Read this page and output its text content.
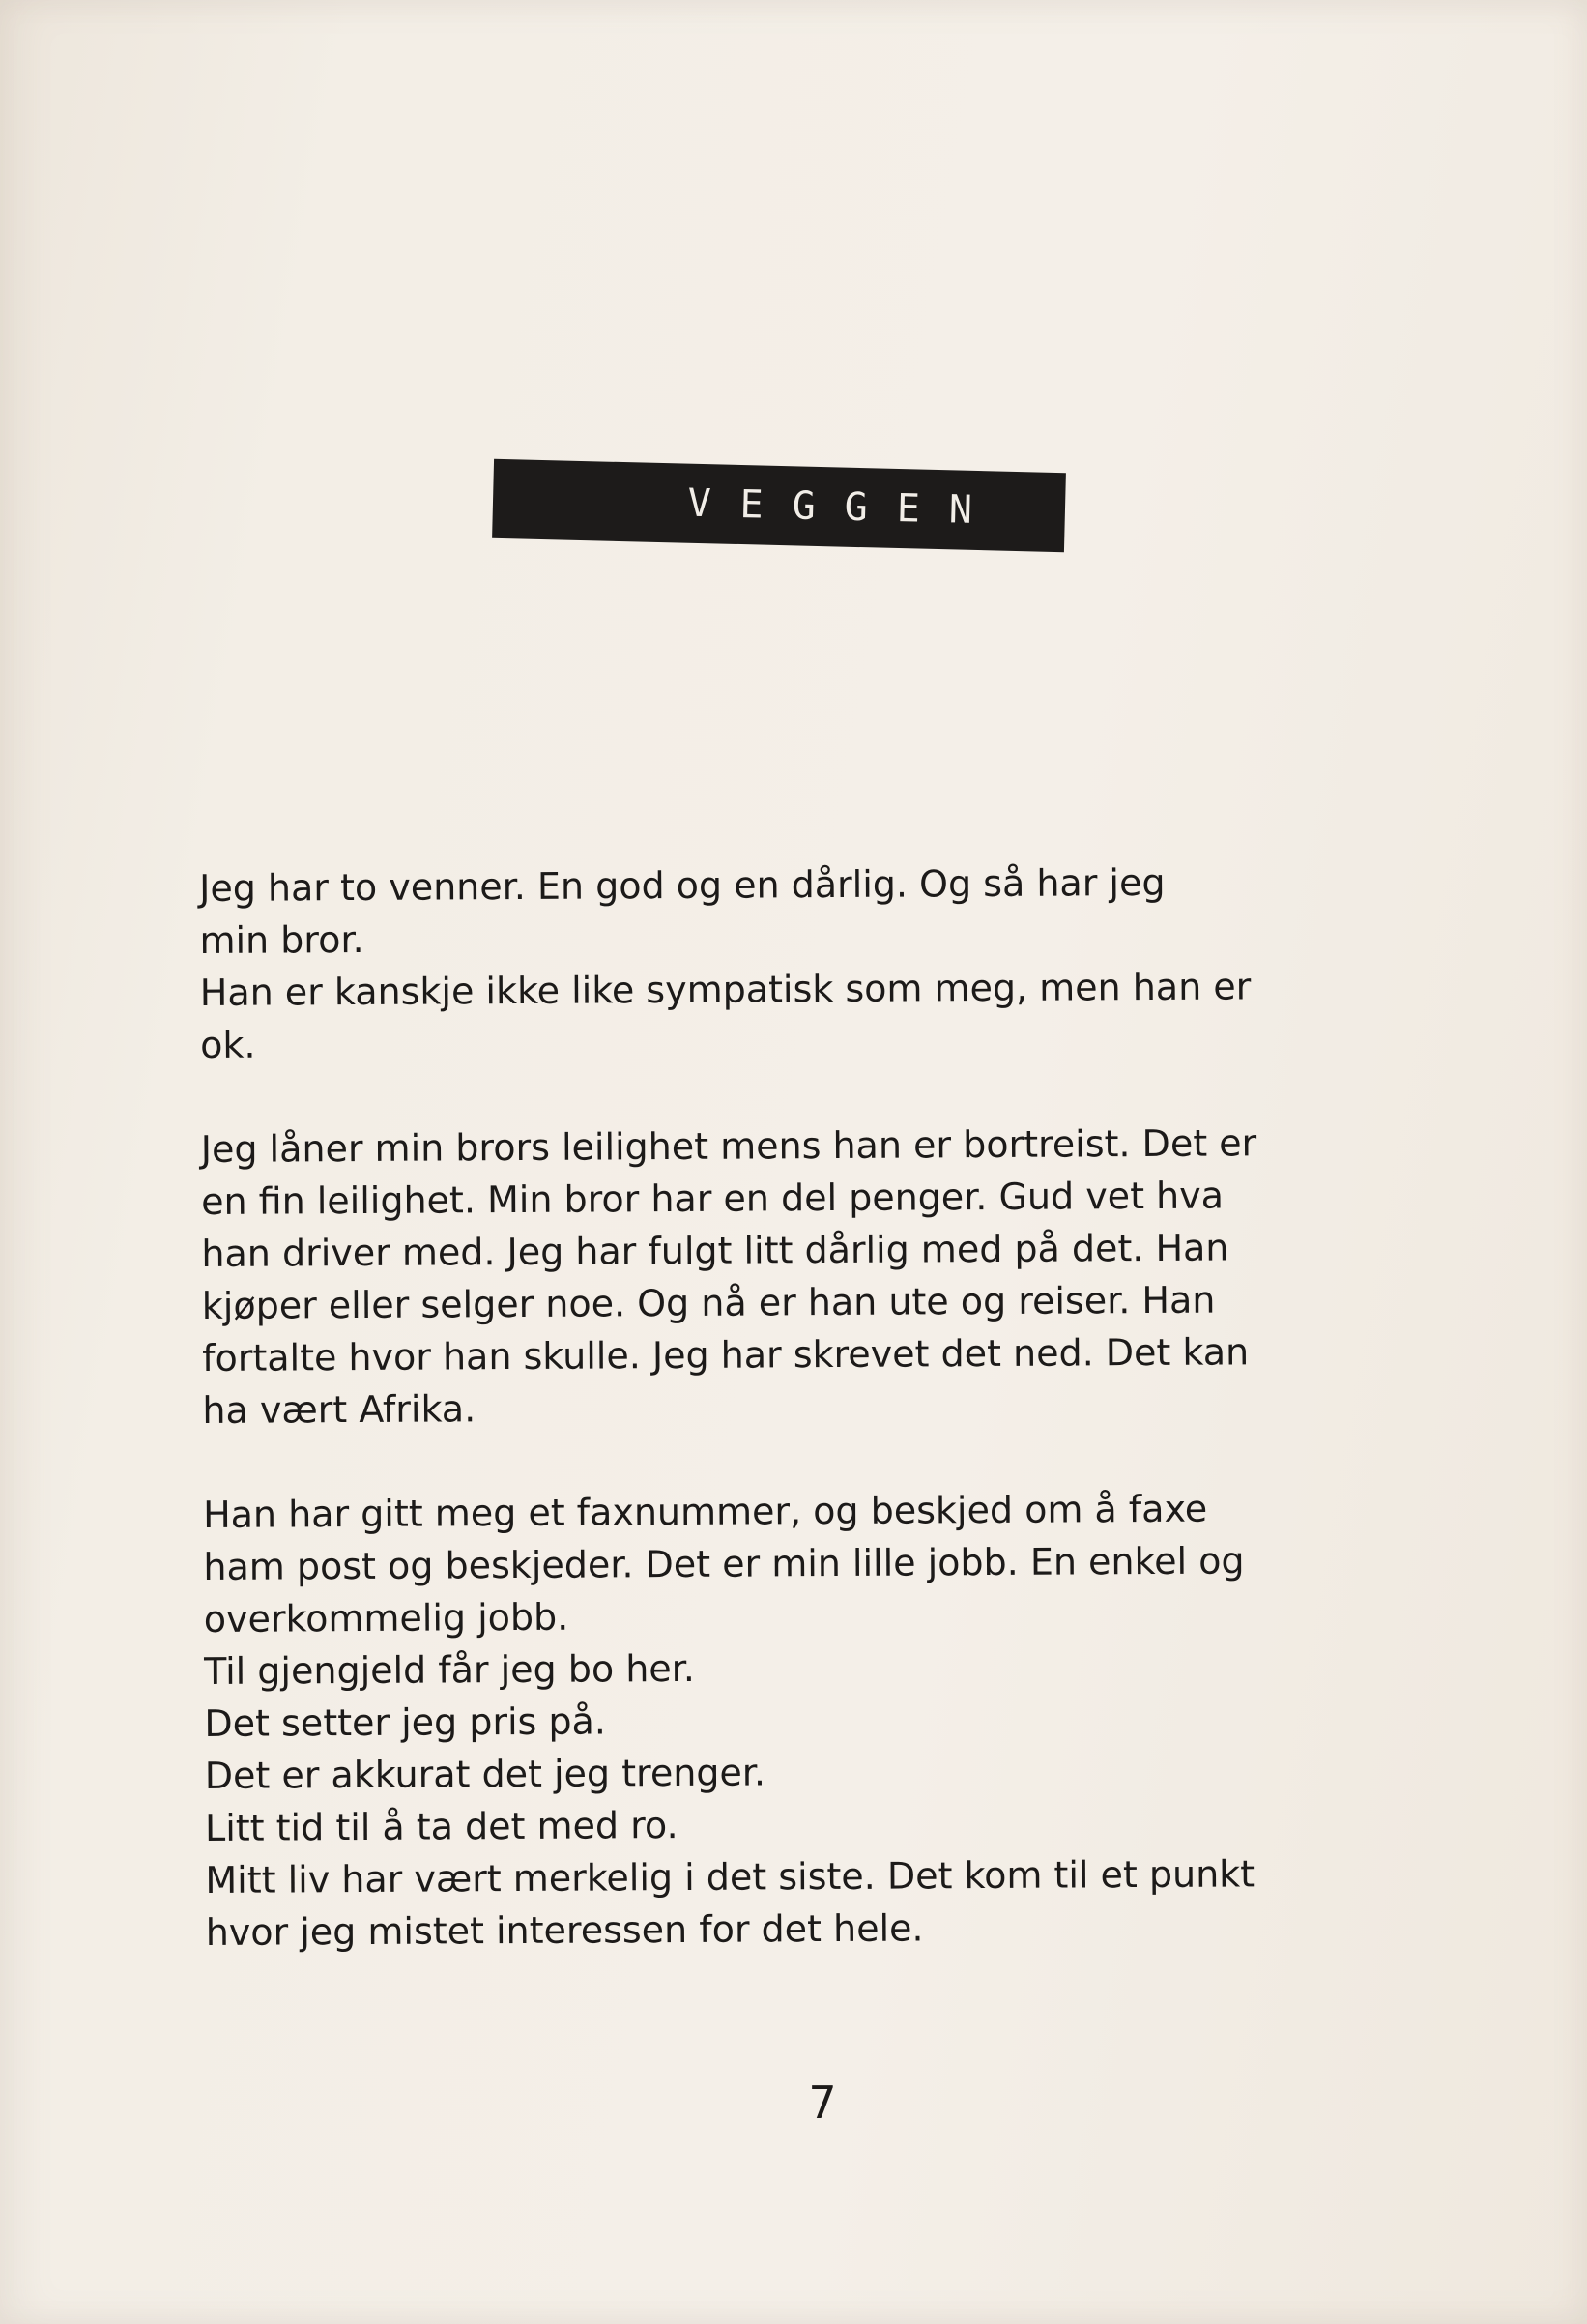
VEGGEN

Jeg har to venner. En god og en dårlig. Og så har jeg
min bror.
Han er kanskje ikke like sympatisk som meg, men han er
ok.

Jeg låner min brors leilighet mens han er bortreist. Det er
en fin leilighet. Min bror har en del penger. Gud vet hva
han driver med. Jeg har fulgt litt dårlig med på det. Han
kjøper eller selger noe. Og nå er han ute og reiser. Han
fortalte hvor han skulle. Jeg har skrevet det ned. Det kan
ha vært Afrika.

Han har gitt meg et faxnummer, og beskjed om å faxe
ham post og beskjeder. Det er min lille jobb. En enkel og
overkommelig jobb.
Til gjengjeld får jeg bo her.
Det setter jeg pris på.
Det er akkurat det jeg trenger.
Litt tid til å ta det med ro.
Mitt liv har vært merkelig i det siste. Det kom til et punkt
hvor jeg mistet interessen for det hele.

7
